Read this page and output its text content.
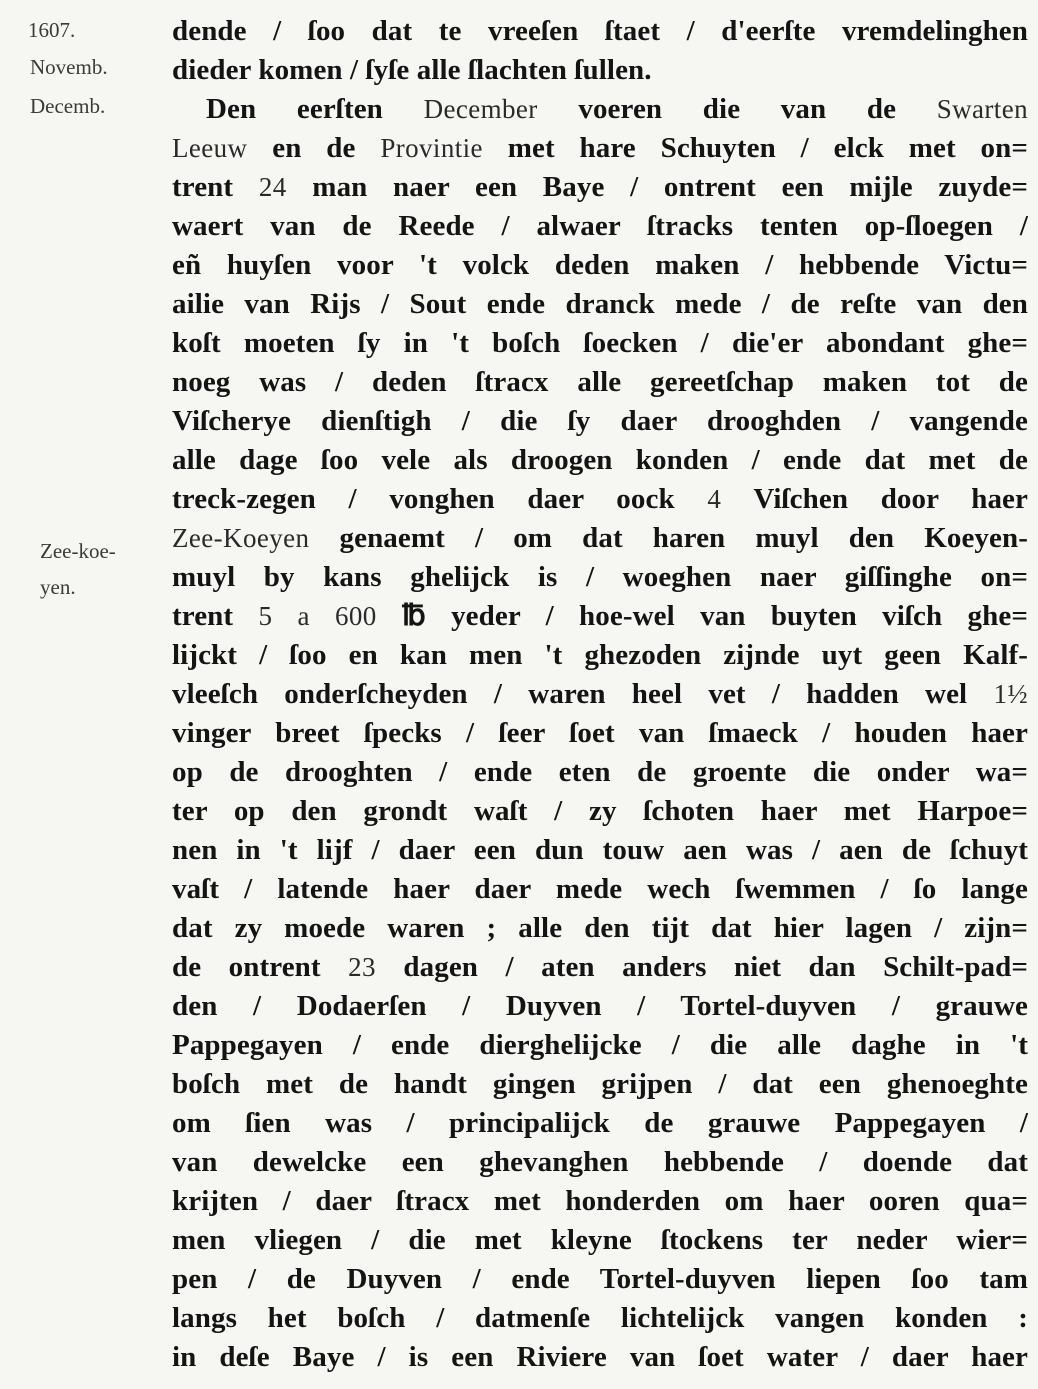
1607.
Novemb.
Decemb.
Zee-koe-
yen.
dende / ſoo dat te vreeſen ſtaet / d'eerſte vremdelinghen
dieder komen / ſyſe alle ſlachten ſullen.
Den eerſten December voeren die van de Swarten
Leeuw en de Provintie met hare Schuyten / elck met on=
trent 24 man naer een Baye / ontrent een mijle zuyde=
waert van de Reede / alwaer ſtracks tenten op-ſloegen /
eñ huyſen voor 't volck deden maken / hebbende Victu=
ailie van Rijs / Sout ende dranck mede / de reſte van den
koſt moeten ſy in 't boſch ſoecken / die'er abondant ghe=
noeg was / deden ſtracx alle gereetſchap maken tot de
Viſcherye dienſtigh / die ſy daer drooghden / vangende
alle dage ſoo vele als droogen konden / ende dat met de
treck-zegen / vonghen daer oock 4 Viſchen door haer
Zee-Koeyen genaemt / om dat haren muyl den Koeyen-
muyl by kans ghelijck is / woeghen naer giſſinghe on=
trent 5 a 600 ℔ yeder / hoe-wel van buyten viſch ghe=
lijckt / ſoo en kan men 't ghezoden zijnde uyt geen Kalf-
vleeſch onderſcheyden / waren heel vet / hadden wel 1½
vinger breet ſpecks / ſeer ſoet van ſmaeck / houden haer
op de drooghten / ende eten de groente die onder wa=
ter op den grondt waſt / zy ſchoten haer met Harpoe=
nen in 't lijf / daer een dun touw aen was / aen de ſchuyt
vaſt / latende haer daer mede wech ſwemmen / ſo lange
dat zy moede waren ; alle den tijt dat hier lagen / zijn=
de ontrent 23 dagen / aten anders niet dan Schilt-pad=
den / Dodaerſen / Duyven / Tortel-duyven / grauwe
Pappegayen / ende dierghelijcke / die alle daghe in 't
boſch met de handt gingen grijpen / dat een ghenoeghte
om ſien was / principalijck de grauwe Pappegayen /
van dewelcke een ghevanghen hebbende / doende dat
krijten / daer ſtracx met honderden om haer ooren qua=
men vliegen / die met kleyne ſtockens ter neder wier=
pen / de Duyven / ende Tortel-duyven liepen ſoo tam
langs het boſch / datmenſe lichtelijck vangen konden :
in deſe Baye / is een Riviere van ſoet water / daer haer
